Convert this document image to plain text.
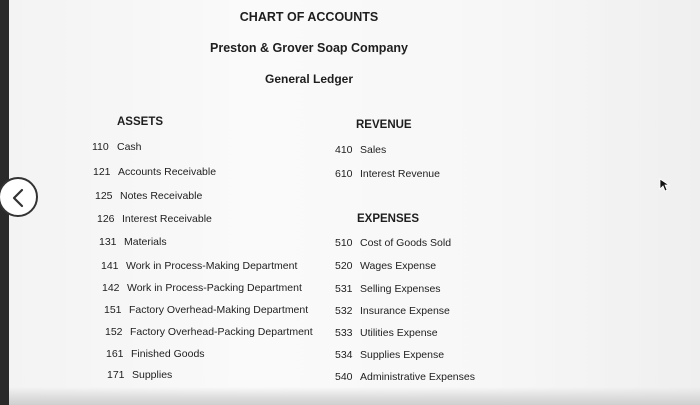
CHART OF ACCOUNTS
Preston & Grover Soap Company
General Ledger
ASSETS
110 Cash
121 Accounts Receivable
125 Notes Receivable
126 Interest Receivable
131 Materials
141 Work in Process-Making Department
142 Work in Process-Packing Department
151 Factory Overhead-Making Department
152 Factory Overhead-Packing Department
161 Finished Goods
171 Supplies
REVENUE
410 Sales
610 Interest Revenue
EXPENSES
510 Cost of Goods Sold
520 Wages Expense
531 Selling Expenses
532 Insurance Expense
533 Utilities Expense
534 Supplies Expense
540 Administrative Expenses
